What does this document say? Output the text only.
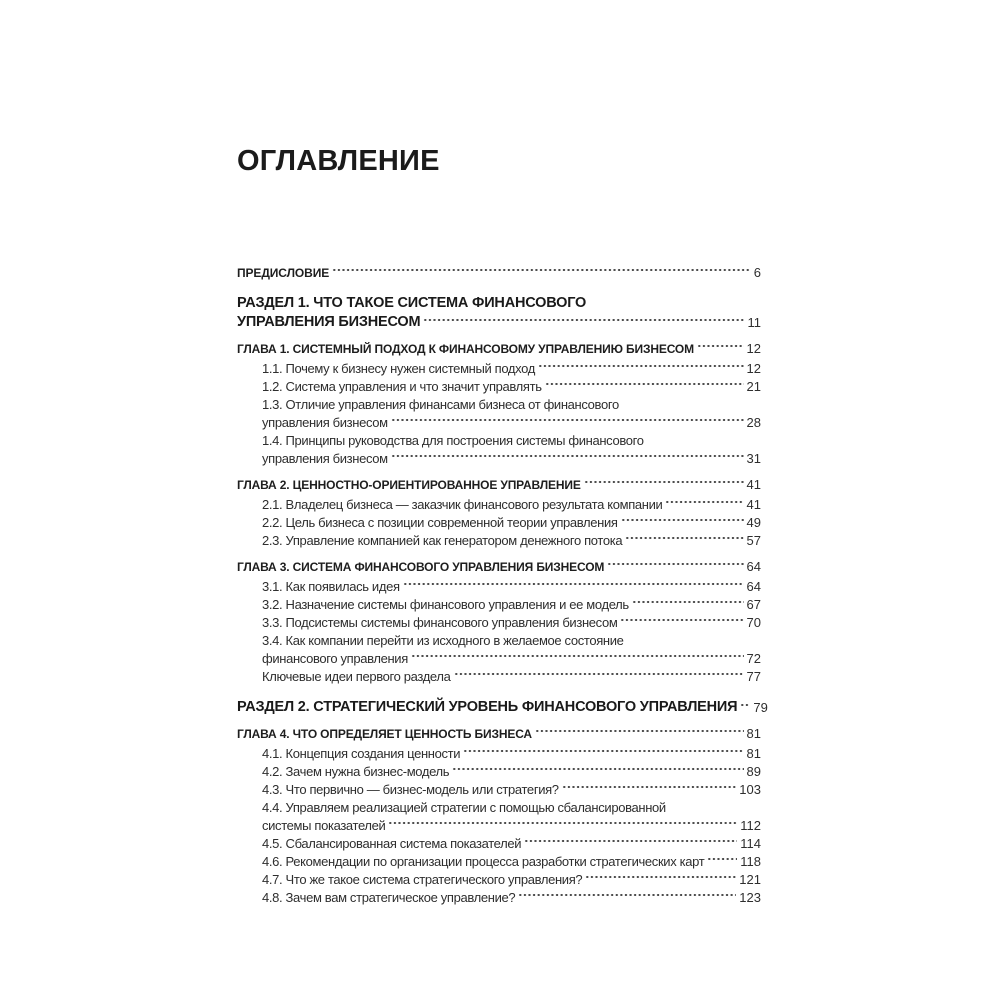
ОГЛАВЛЕНИЕ
ПРЕДИСЛОВИЕ	6
РАЗДЕЛ 1. ЧТО ТАКОЕ СИСТЕМА ФИНАНСОВОГО
УПРАВЛЕНИЯ БИЗНЕСОМ	11
ГЛАВА 1. СИСТЕМНЫЙ ПОДХОД К ФИНАНСОВОМУ УПРАВЛЕНИЮ БИЗНЕСОМ	12
1.1. Почему к бизнесу нужен системный подход	12
1.2. Система управления и что значит управлять	21
1.3. Отличие управления финансами бизнеса от финансового
управления бизнесом	28
1.4. Принципы руководства для построения системы финансового
управления бизнесом	31
ГЛАВА 2. ЦЕННОСТНО-ОРИЕНТИРОВАННОЕ УПРАВЛЕНИЕ	41
2.1. Владелец бизнеса — заказчик финансового результата компании	41
2.2. Цель бизнеса с позиции современной теории управления	49
2.3. Управление компанией как генератором денежного потока	57
ГЛАВА 3. СИСТЕМА ФИНАНСОВОГО УПРАВЛЕНИЯ БИЗНЕСОМ	64
3.1. Как появилась идея	64
3.2. Назначение системы финансового управления и ее модель	67
3.3. Подсистемы системы финансового управления бизнесом	70
3.4. Как компании перейти из исходного в желаемое состояние
финансового управления	72
Ключевые идеи первого раздела	77
РАЗДЕЛ 2. СТРАТЕГИЧЕСКИЙ УРОВЕНЬ ФИНАНСОВОГО УПРАВЛЕНИЯ 79
ГЛАВА 4. ЧТО ОПРЕДЕЛЯЕТ ЦЕННОСТЬ БИЗНЕСА	81
4.1. Концепция создания ценности	81
4.2. Зачем нужна бизнес-модель	89
4.3. Что первично — бизнес-модель или стратегия?	103
4.4. Управляем реализацией стратегии с помощью сбалансированной
системы показателей	112
4.5. Сбалансированная система показателей	114
4.6. Рекомендации по организации процесса разработки стратегических карт	118
4.7. Что же такое система стратегического управления?	121
4.8. Зачем вам стратегическое управление?	123
